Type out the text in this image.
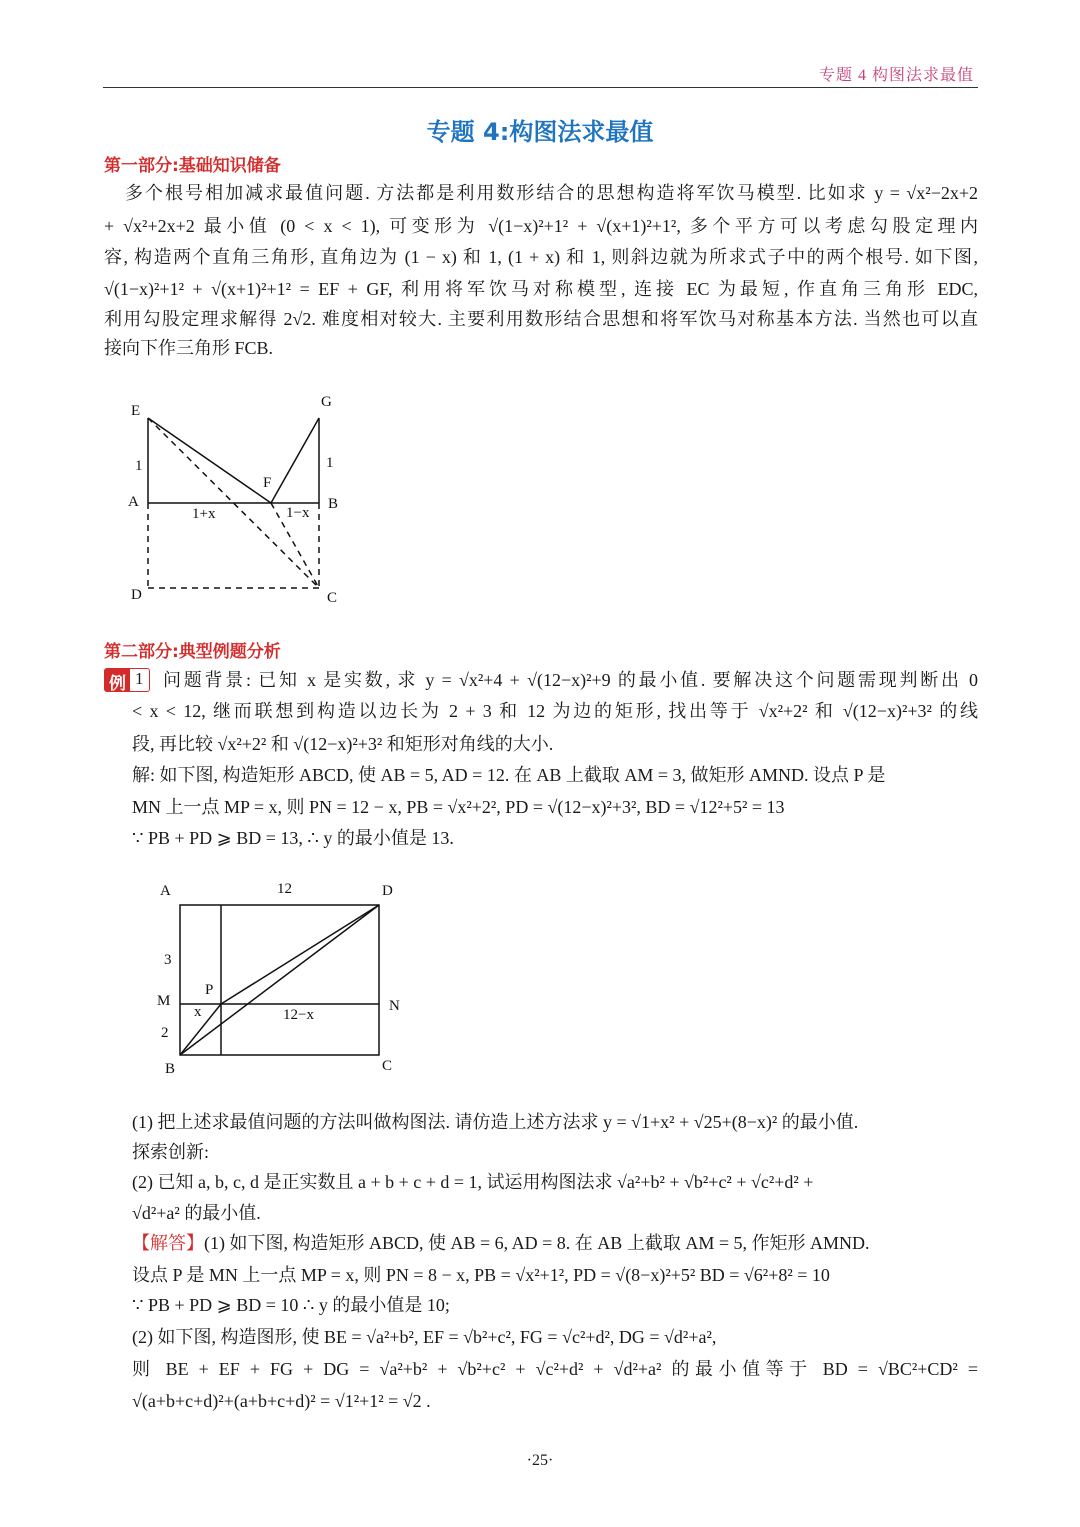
专题 4 构图法求最值
专题 4:构图法求最值
第一部分:基础知识储备
多个根号相加减求最值问题. 方法都是利用数形结合的思想构造将军饮马模型. 比如求 y = √x²−2x+2
+ √x²+2x+2 最小值 (0 < x < 1), 可变形为 √(1−x)²+1² + √(x+1)²+1², 多个平方可以考虑勾股定理内
容, 构造两个直角三角形, 直角边为 (1 − x) 和 1, (1 + x) 和 1, 则斜边就为所求式子中的两个根号. 如下图,
√(1−x)²+1² + √(x+1)²+1² = EF + GF, 利用将军饮马对称模型, 连接 EC 为最短, 作直角三角形 EDC,
利用勾股定理求解得 2√2. 难度相对较大. 主要利用数形结合思想和将军饮马对称基本方法. 当然也可以直
接向下作三角形 FCB.
E
G
1	1
A
F
B
1+x	1−x
D	C
A	12	D
3
P
M	N
x	12−x
2
B	C
第二部分:典型例题分析
例 1 问题背景: 已知 x 是实数, 求 y = √x²+4 + √(12−x)²+9 的最小值. 要解决这个问题需现判断出 0
< x < 12, 继而联想到构造以边长为 2 + 3 和 12 为边的矩形, 找出等于 √x²+2² 和 √(12−x)²+3² 的线
段, 再比较 √x²+2² 和 √(12−x)²+3² 和矩形对角线的大小.
解: 如下图, 构造矩形 ABCD, 使 AB = 5, AD = 12. 在 AB 上截取 AM = 3, 做矩形 AMND. 设点 P 是
MN 上一点 MP = x, 则 PN = 12 − x, PB = √x²+2², PD = √(12−x)²+3², BD = √12²+5² = 13
∵ PB + PD ⩾ BD = 13, ∴ y 的最小值是 13.
(1) 把上述求最值问题的方法叫做构图法. 请仿造上述方法求 y = √1+x² + √25+(8−x)² 的最小值.
探索创新:
(2) 已知 a, b, c, d 是正实数且 a + b + c + d = 1, 试运用构图法求 √a²+b² + √b²+c² + √c²+d² +
√d²+a² 的最小值.
【解答】(1) 如下图, 构造矩形 ABCD, 使 AB = 6, AD = 8. 在 AB 上截取 AM = 5, 作矩形 AMND.
设点 P 是 MN 上一点 MP = x, 则 PN = 8 − x, PB = √x²+1², PD = √(8−x)²+5² BD = √6²+8² = 10
∵ PB + PD ⩾ BD = 10 ∴ y 的最小值是 10;
(2) 如下图, 构造图形, 使 BE = √a²+b², EF = √b²+c², FG = √c²+d², DG = √d²+a²,
则 BE + EF + FG + DG = √a²+b² + √b²+c² + √c²+d² + √d²+a² 的最小值等于 BD = √BC²+CD² =
√(a+b+c+d)²+(a+b+c+d)² = √1²+1² = √2 .
·25·
